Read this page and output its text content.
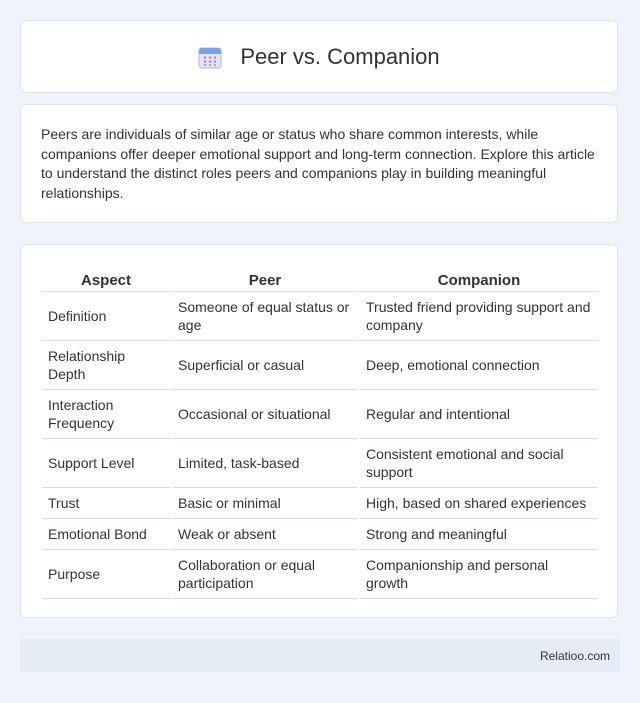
Peer vs. Companion

Peers are individuals of similar age or status who share common interests, while companions offer deeper emotional support and long-term connection. Explore this article to understand the distinct roles peers and companions play in building meaningful relationships.

Aspect	Peer	Companion
Definition	Someone of equal status or age	Trusted friend providing support and company
Relationship Depth	Superficial or casual	Deep, emotional connection
Interaction Frequency	Occasional or situational	Regular and intentional
Support Level	Limited, task-based	Consistent emotional and social support
Trust	Basic or minimal	High, based on shared experiences
Emotional Bond	Weak or absent	Strong and meaningful
Purpose	Collaboration or equal participation	Companionship and personal growth
Relatioo.com
